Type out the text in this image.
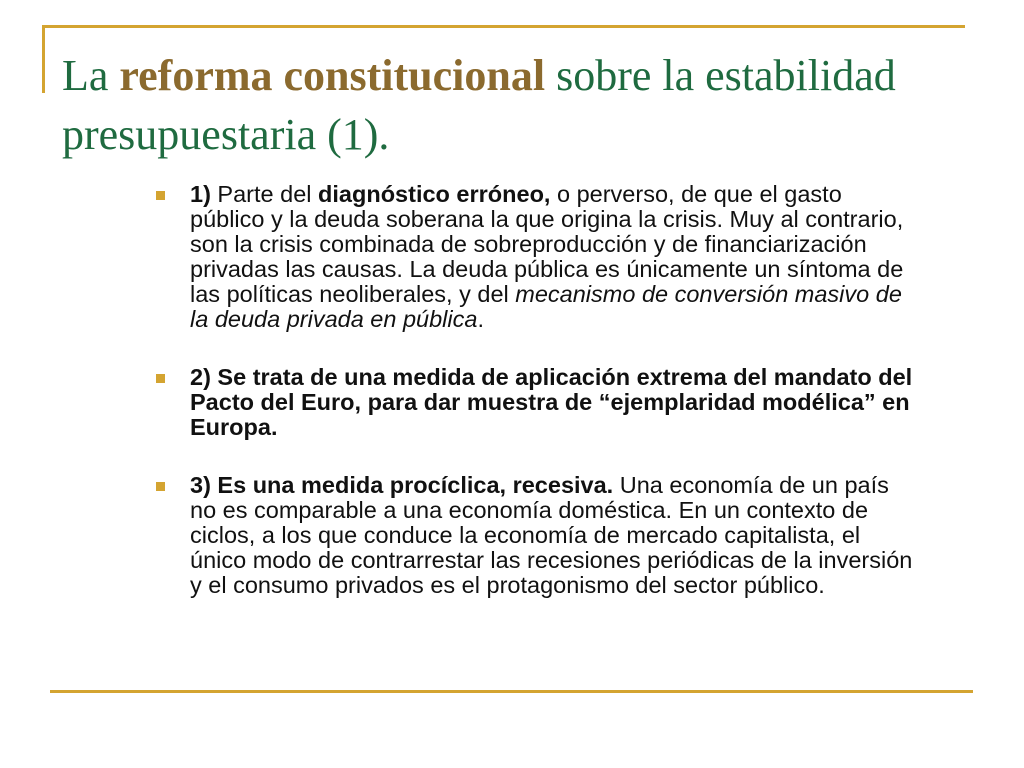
La reforma constitucional sobre la estabilidad presupuestaria (1).
1) Parte del diagnóstico erróneo, o perverso, de que el gasto público y la deuda soberana la que origina la crisis. Muy al contrario, son la crisis combinada de sobreproducción y de financiarización privadas las causas. La deuda pública es únicamente un síntoma de las políticas neoliberales, y del mecanismo de conversión masivo de la deuda privada en pública.
2) Se trata de una medida de aplicación extrema del mandato del Pacto del Euro, para dar muestra de “ejemplaridad modélica” en Europa.
3) Es una medida procíclica, recesiva. Una economía de un país no es comparable a una economía doméstica. En un contexto de ciclos, a los que conduce la economía de mercado capitalista, el único modo de contrarrestar las recesiones periódicas de la inversión y el consumo privados es el protagonismo del sector público.
